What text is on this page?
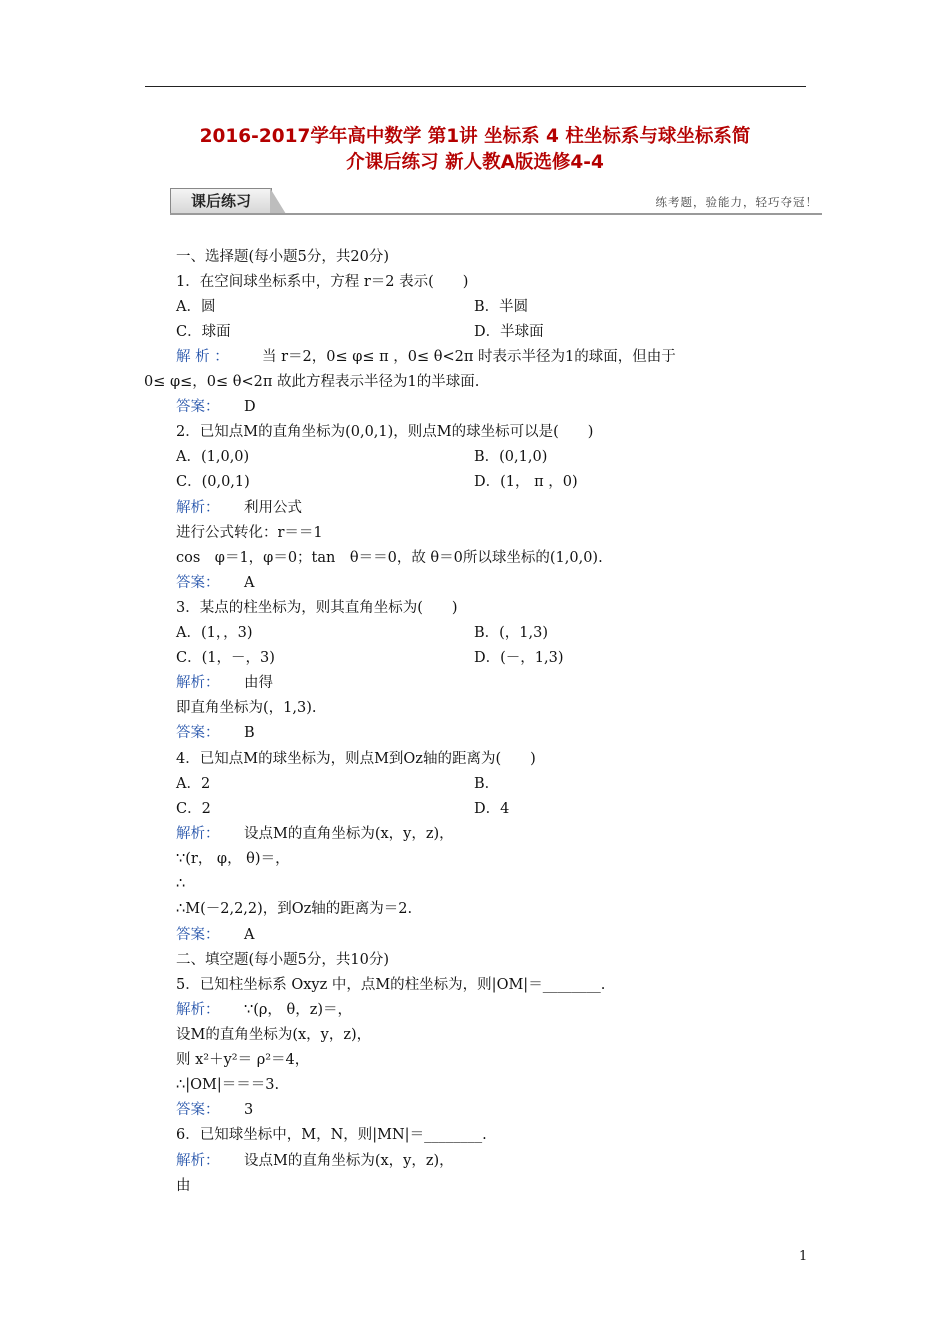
2016-2017学年高中数学 第1讲 坐标系 4 柱坐标系与球坐标系简
介课后练习 新人教A版选修4-4
课后练习	练考题，验能力，轻巧夺冠！
一、选择题(每小题5分，共20分)
1．在空间球坐标系中，方程 r＝2 表示(　　)
A．圆	B．半圆
C．球面	D．半球面
解 析 ： 当 r＝2，0≤ φ≤ π ，0≤ θ<2π 时表示半径为1的球面，但由于
0≤ φ≤，0≤ θ<2π 故此方程表示半径为1的半球面.
答案： D
2．已知点M的直角坐标为(0,0,1)，则点M的球坐标可以是(　　)
A．(1,0,0)	B．(0,1,0)
C．(0,0,1)	D．(1， π ，0)
解析： 利用公式
进行公式转化：r＝＝1
cos　φ＝1，φ＝0；tan　θ＝＝0，故 θ＝0所以球坐标的(1,0,0).
答案： A
3．某点的柱坐标为，则其直角坐标为(　　)
A．(1，，3)	B．(，1,3)
C．(1，－，3)	D．(－，1,3)
解析： 由得
即直角坐标为(，1,3).
答案： B
4．已知点M的球坐标为，则点M到Oz轴的距离为(　　)
A．2	B．
C．2	D．4
解析： 设点M的直角坐标为(x，y，z)，
∵(r， φ， θ)＝，
∴
∴M(－2,2,2)，到Oz轴的距离为＝2.
答案： A
二、填空题(每小题5分，共10分)
5．已知柱坐标系 Oxyz 中，点M的柱坐标为，则|OM|＝________.
解析： ∵(ρ， θ，z)＝，
设M的直角坐标为(x，y，z)，
则 x²＋y²＝ ρ²＝4，
∴|OM|＝＝＝3.
答案： 3
6．已知球坐标中，M，N，则|MN|＝________.
解析： 设点M的直角坐标为(x，y，z)，
由
1
